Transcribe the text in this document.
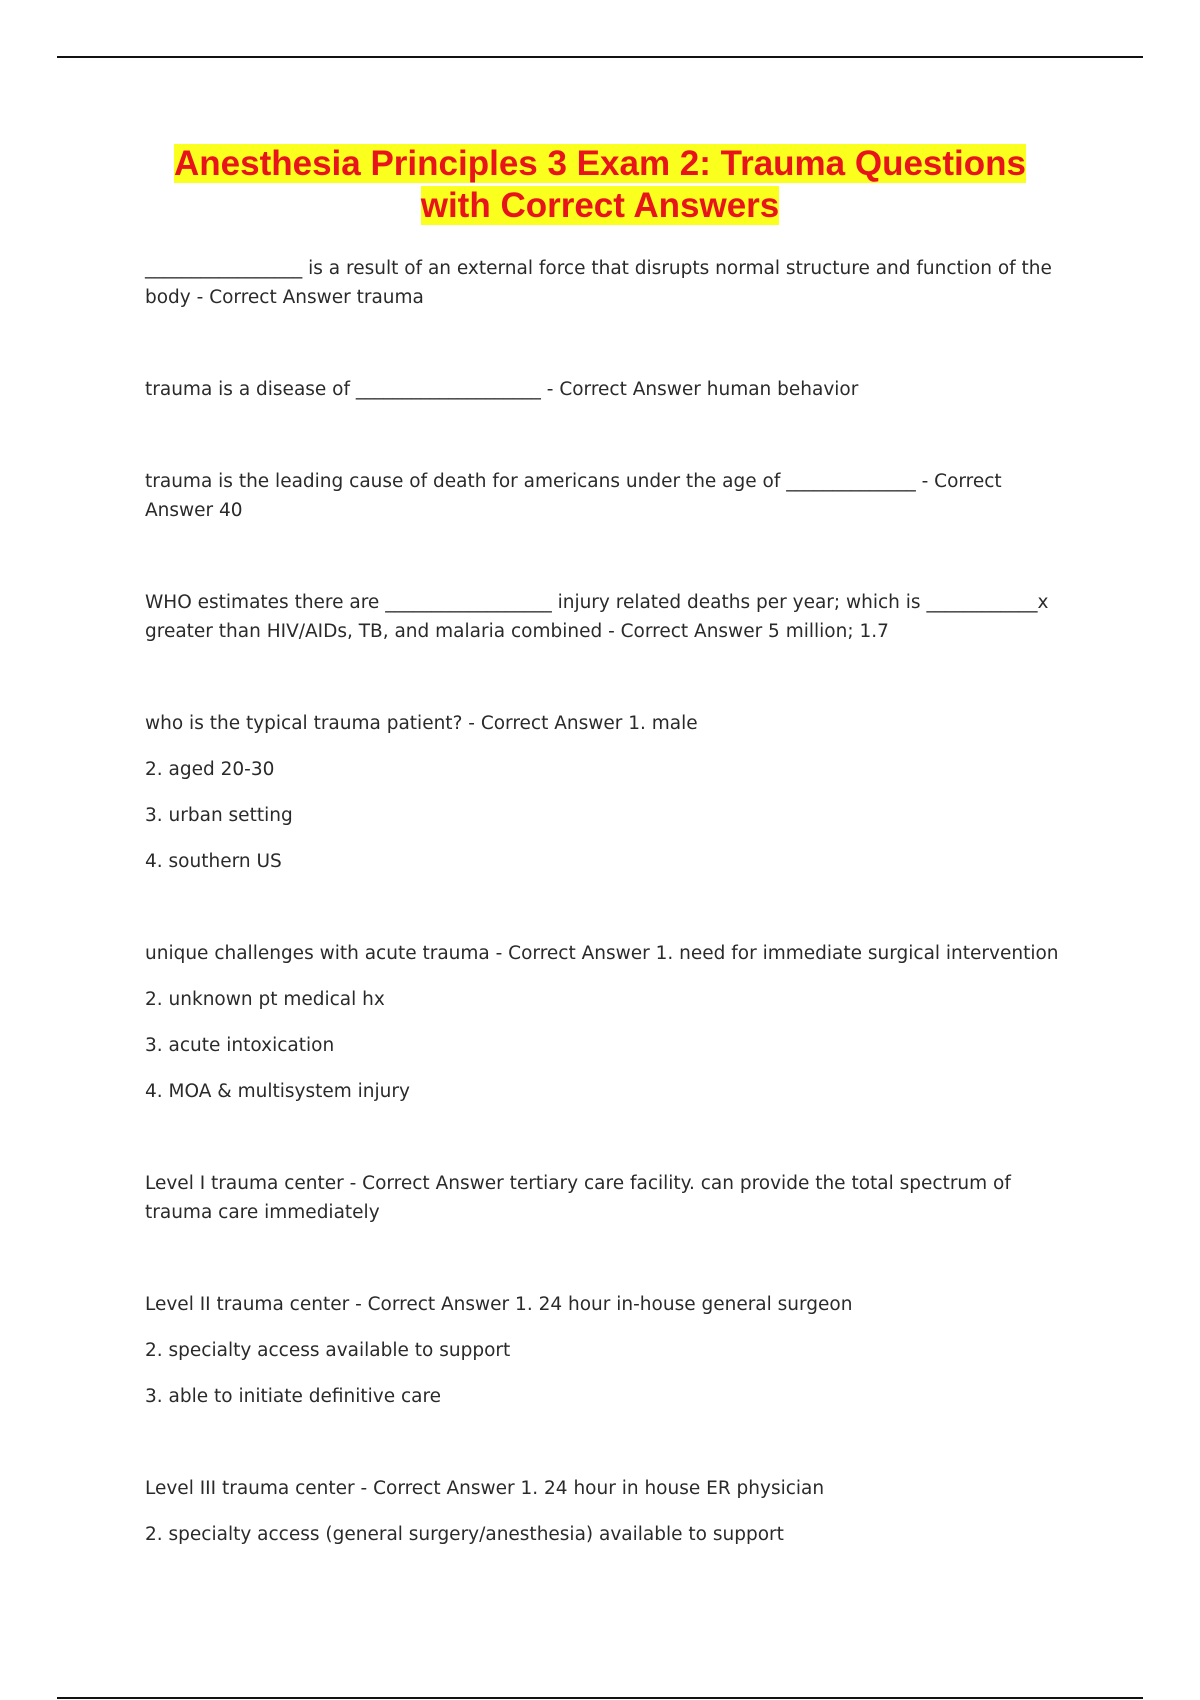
Anesthesia Principles 3 Exam 2: Trauma Questions
with Correct Answers

_________________ is a result of an external force that disrupts normal structure and function of the body - Correct Answer trauma

trauma is a disease of ____________________ - Correct Answer human behavior

trauma is the leading cause of death for americans under the age of ______________ - Correct Answer 40

WHO estimates there are __________________ injury related deaths per year; which is ____________x greater than HIV/AIDs, TB, and malaria combined - Correct Answer 5 million; 1.7

who is the typical trauma patient? - Correct Answer 1. male

2. aged 20-30

3. urban setting

4. southern US

unique challenges with acute trauma - Correct Answer 1. need for immediate surgical intervention

2. unknown pt medical hx

3. acute intoxication

4. MOA & multisystem injury

Level I trauma center - Correct Answer tertiary care facility. can provide the total spectrum of trauma care immediately

Level II trauma center - Correct Answer 1. 24 hour in-house general surgeon

2. specialty access available to support

3. able to initiate definitive care

Level III trauma center - Correct Answer 1. 24 hour in house ER physician

2. specialty access (general surgery/anesthesia) available to support
